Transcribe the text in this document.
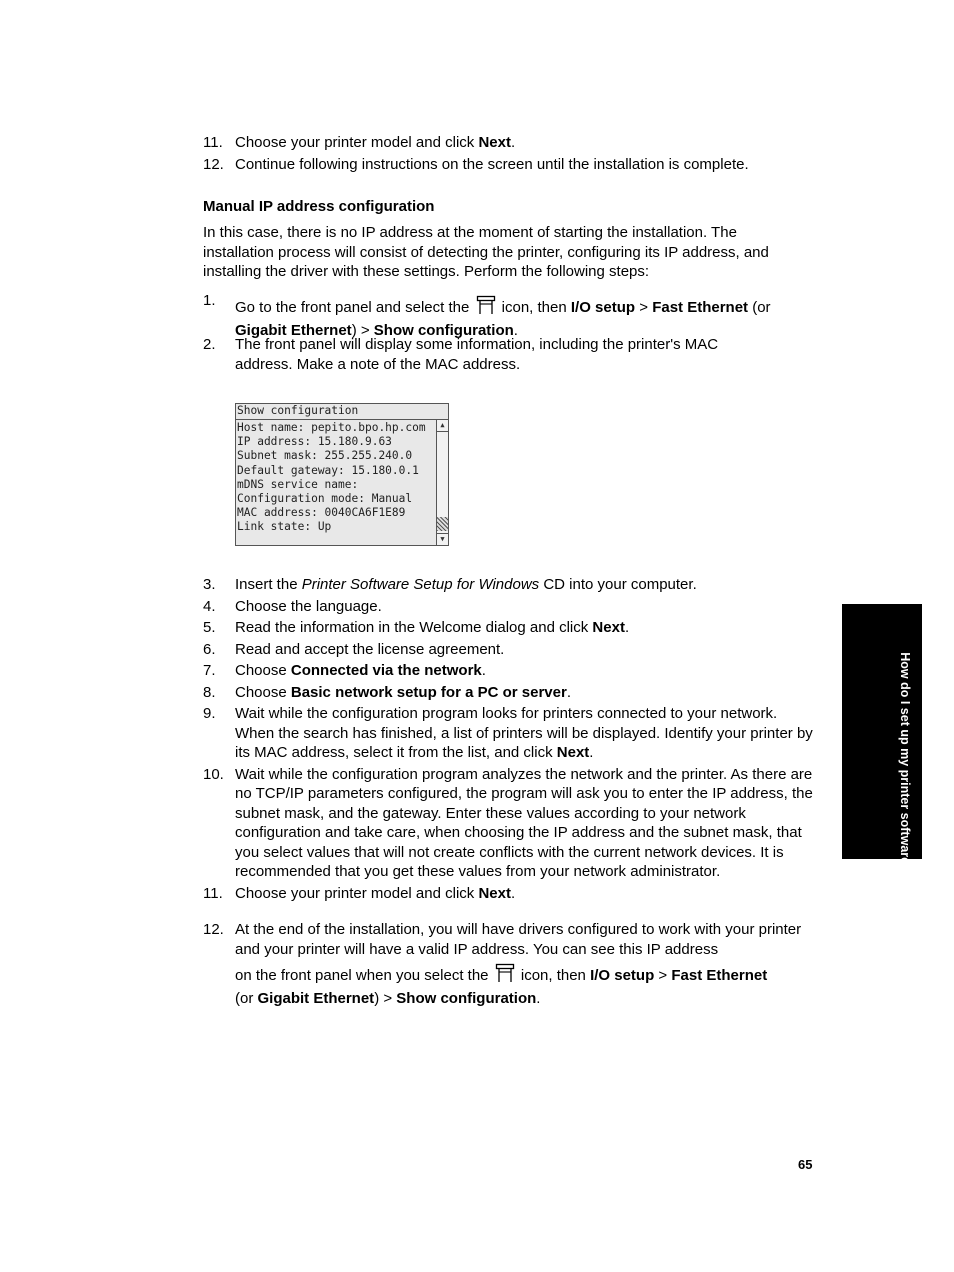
11. Choose your printer model and click Next.
12. Continue following instructions on the screen until the installation is complete.
Manual IP address configuration
In this case, there is no IP address at the moment of starting the installation. The installation process will consist of detecting the printer, configuring its IP address, and installing the driver with these settings. Perform the following steps:
1. Go to the front panel and select the  icon, then I/O setup > Fast Ethernet (or Gigabit Ethernet) > Show configuration.
2. The front panel will display some information, including the printer's MAC address. Make a note of the MAC address.
Show configuration
Host name: pepito.bpo.hp.com
IP address: 15.180.9.63
Subnet mask: 255.255.240.0
Default gateway: 15.180.0.1
mDNS service name:
Configuration mode: Manual
MAC address: 0040CA6F1E89
Link state: Up
▲
▼
3. Insert the Printer Software Setup for Windows CD into your computer.
4. Choose the language.
5. Read the information in the Welcome dialog and click Next.
6. Read and accept the license agreement.
7. Choose Connected via the network.
8. Choose Basic network setup for a PC or server.
9. Wait while the configuration program looks for printers connected to your network. When the search has finished, a list of printers will be displayed. Identify your printer by its MAC address, select it from the list, and click Next.
10. Wait while the configuration program analyzes the network and the printer. As there are no TCP/IP parameters configured, the program will ask you to enter the IP address, the subnet mask, and the gateway. Enter these values according to your network configuration and take care, when choosing the IP address and the subnet mask, that you select values that will not create conflicts with the current network devices. It is recommended that you get these values from your network administrator.
11. Choose your printer model and click Next.
12. At the end of the installation, you will have drivers configured to work with your printer and your printer will have a valid IP address. You can see this IP address
on the front panel when you select the  icon, then I/O setup > Fast Ethernet
(or Gigabit Ethernet) > Show configuration.
How do I set up my printer software?
65
